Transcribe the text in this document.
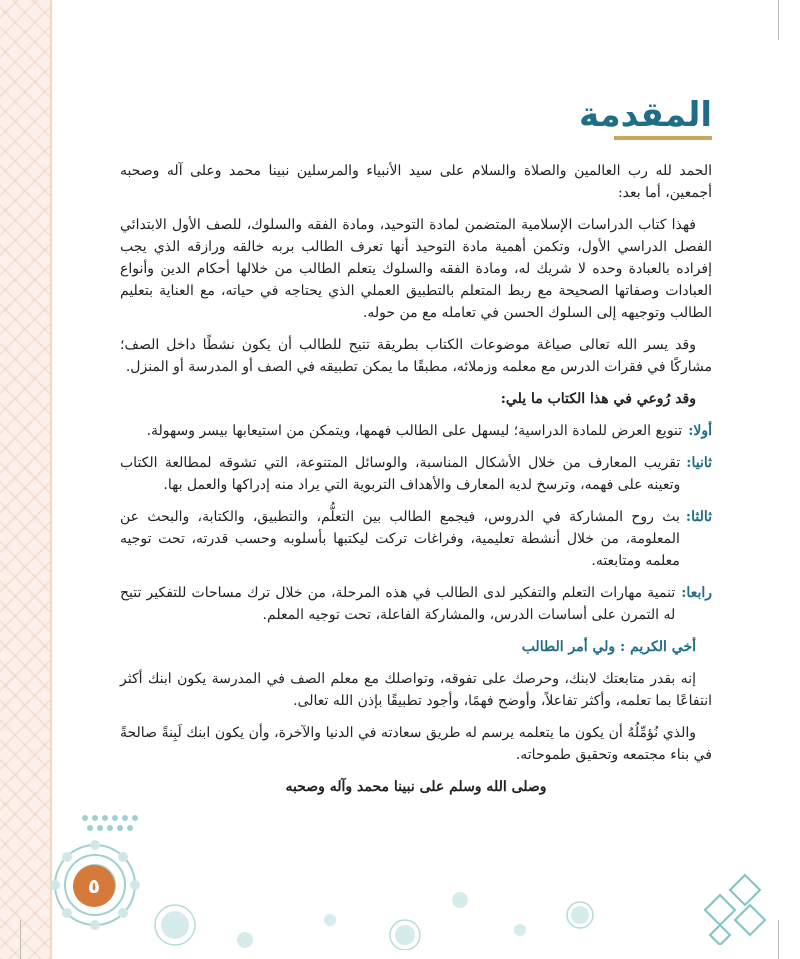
المقدمة

الحمد لله رب العالمين والصلاة والسلام على سيد الأنبياء والمرسلين نبينا محمد وعلى آله وصحبه أجمعين، أما بعد:

فهذا كتاب الدراسات الإسلامية المتضمن لمادة التوحيد، ومادة الفقه والسلوك، للصف الأول الابتدائي الفصل الدراسي الأول، وتكمن أهمية مادة التوحيد أنها تعرف الطالب بربه خالقه ورازقه الذي يجب إفراده بالعبادة وحده لا شريك له، ومادة الفقه والسلوك يتعلم الطالب من خلالها أحكام الدين وأنواع العبادات وصفاتها الصحيحة مع ربط المتعلم بالتطبيق العملي الذي يحتاجه في حياته، مع العناية بتعليم الطالب وتوجيهه إلى السلوك الحسن في تعامله مع من حوله.

وقد يسر الله تعالى صياغة موضوعات الكتاب بطريقة تتيح للطالب أن يكون نشطًا داخل الصف؛ مشاركًا في فقرات الدرس مع معلمه وزملائه، مطبقًا ما يمكن تطبيقه في الصف أو المدرسة أو المنزل.

وقد رُوعي في هذا الكتاب ما يلي:

أولا:
تنويع العرض للمادة الدراسية؛ ليسهل على الطالب فهمها، ويتمكن من استيعابها بيسر وسهولة.
ثانيا:
تقريب المعارف من خلال الأشكال المناسبة، والوسائل المتنوعة، التي تشوقه لمطالعة الكتاب وتعينه على فهمه، وترسخ لديه المعارف والأهداف التربوية التي يراد منه إدراكها والعمل بها.
ثالثا:
بث روح المشاركة في الدروس، فيجمع الطالب بين التعلُّم، والتطبيق، والكتابة، والبحث عن المعلومة، من خلال أنشطة تعليمية، وفراغات تركت ليكتبها بأسلوبه وحسب قدرته، تحت توجيه معلمه ومتابعته.
رابعا:
تنمية مهارات التعلم والتفكير لدى الطالب في هذه المرحلة، من خلال ترك مساحات للتفكير تتيح له التمرن على أساسات الدرس، والمشاركة الفاعلة، تحت توجيه المعلم.

أخي الكريم : ولي أمر الطالب

إنه بقدر متابعتك لابنك، وحرصك على تفوقه، وتواصلك مع معلم الصف في المدرسة يكون ابنك أكثر انتفاعًا بما تعلمه، وأكثر تفاعلاً، وأوضح فهمًا، وأجود تطبيقًا بإذن الله تعالى.

والذي نُؤمِّلُهُ أن يكون ما يتعلمه يرسم له طريق سعادته في الدنيا والآخرة، وأن يكون ابنك لَبِنةً صالحةً في بناء مجتمعه وتحقيق طموحاته.

وصلى الله وسلم على نبينا محمد وآله وصحبه

٥
